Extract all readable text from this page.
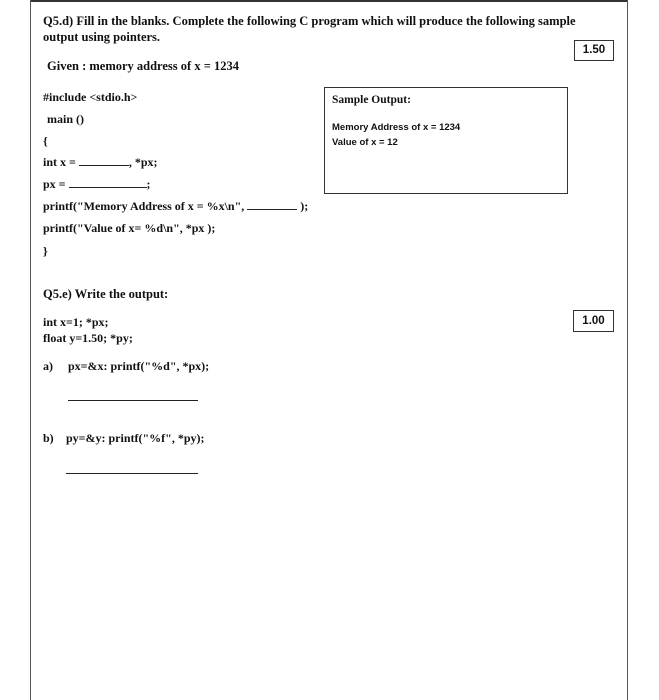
Q5.d) Fill in the blanks. Complete the following C program which will produce the following sample
output using pointers.
1.50
Given : memory address of x = 1234
#include <stdio.h>
main ()
{
int x =	, *px;
px =	;
printf("Memory Address of x = %x\n",	);
printf("Value of x= %d\n", *px );
}
Sample Output:
Memory Address of x = 1234
Value of x = 12
Q5.e) Write the output:
1.00
int x=1; *px;
float y=1.50; *py;
a) px=&x: printf("%d", *px);
b) py=&y: printf("%f", *py);
